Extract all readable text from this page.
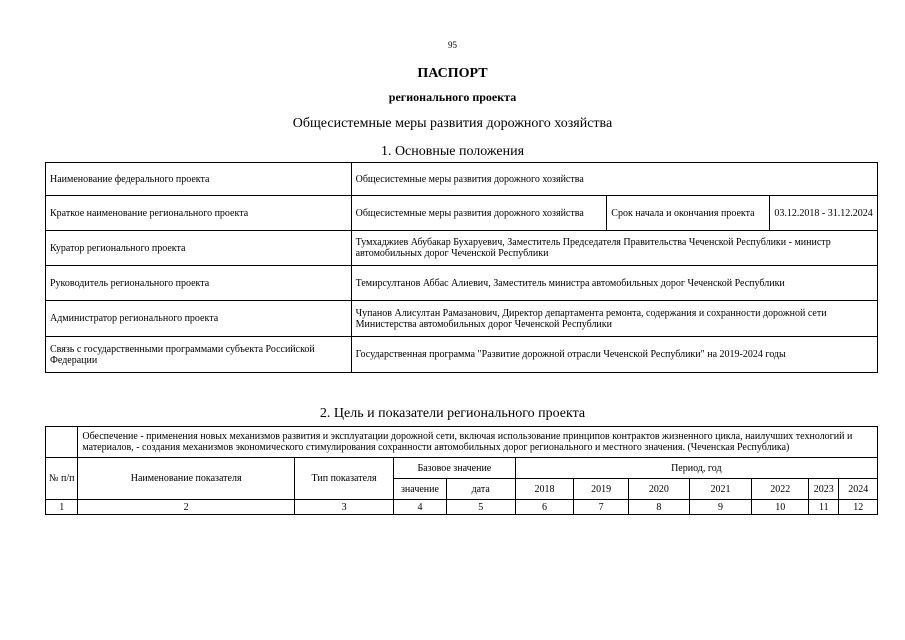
95
ПАСПОРТ
регионального проекта
Общесистемные меры развития дорожного хозяйства
1. Основные положения
Наименование федерального проекта	Общесистемные меры развития дорожного хозяйства		
Краткое наименование регионального проекта	Общесистемные меры развития дорожного хозяйства	Срок начала и окончания проекта	03.12.2018 - 31.12.2024
Куратор регионального проекта	Тумхаджиев Абубакар Бухаруевич, Заместитель Председателя Правительства Чеченской Республики - министр автомобильных дорог Чеченской Республики		
Руководитель регионального проекта	Темирсултанов Аббас Алиевич, Заместитель министра автомобильных дорог Чеченской Республики		
Администратор регионального проекта	Чупанов Алисултан Рамазанович, Директор департамента ремонта, содержания и сохранности дорожной сети Министерства автомобильных дорог Чеченской Республики		
Связь с государственными программами субъекта Российской Федерации	Государственная программа "Развитие дорожной отрасли Чеченской Республики" на 2019-2024 годы		
2. Цель и показатели регионального проекта
	Обеспечение - применения новых механизмов развития и эксплуатации дорожной сети, включая использование принципов контрактов жизненного цикла, наилучших технологий и материалов, - создания механизмов экономического стимулирования сохранности автомобильных дорог регионального и местного значения. (Чеченская Республика)										
№ п/п	Наименование показателя	Тип показателя	Базовое значение		Период, год						
			значение	дата	2018	2019	2020	2021	2022	2023	2024
1	2	3	4	5	6	7	8	9	10	11	12
